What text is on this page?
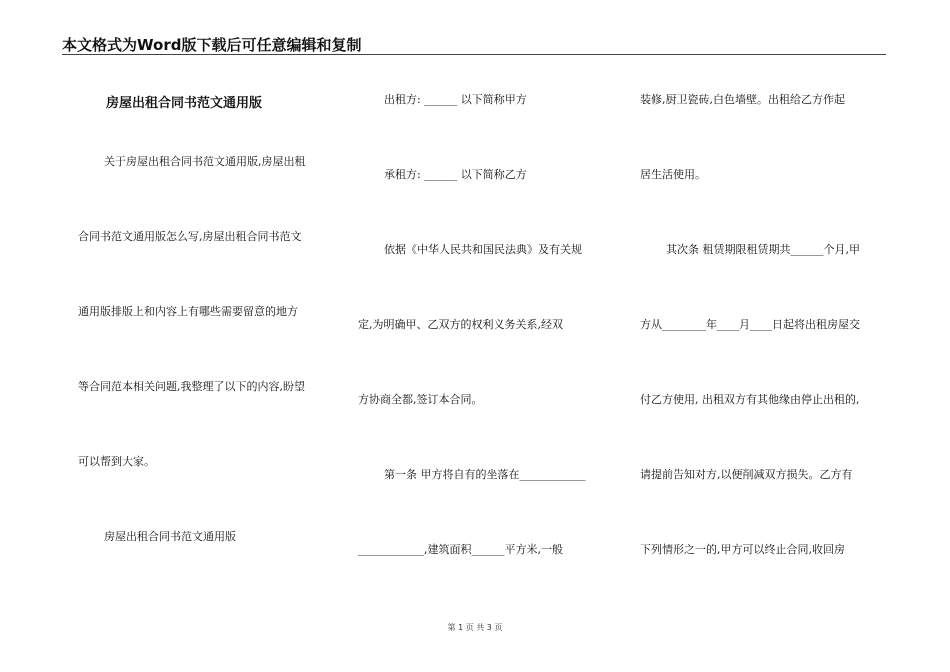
本文格式为Word版下载后可任意编辑和复制
房屋出租合同书范文通用版
关于房屋出租合同书范文通用版,房屋出租
合同书范文通用版怎么写,房屋出租合同书范文
通用版排版上和内容上有哪些需要留意的地方
等合同范本相关问题,我整理了以下的内容,盼望
可以帮到大家。
房屋出租合同书范文通用版
出租方: ______ 以下简称甲方
承租方: ______ 以下简称乙方
依据《中华人民共和国民法典》及有关规
定,为明确甲、乙双方的权利义务关系,经双
方协商全都,签订本合同。
第一条 甲方将自有的坐落在____________
____________,建筑面积______平方米,一般
装修,厨卫瓷砖,白色墙壁。出租给乙方作起
居生活使用。
其次条 租赁期限租赁期共______个月,甲
方从________年____月____日起将出租房屋交
付乙方使用, 出租双方有其他缘由停止出租的,
请提前告知对方,以便削减双方损失。乙方有
下列情形之一的,甲方可以终止合同,收回房
第 1 页 共 3 页
